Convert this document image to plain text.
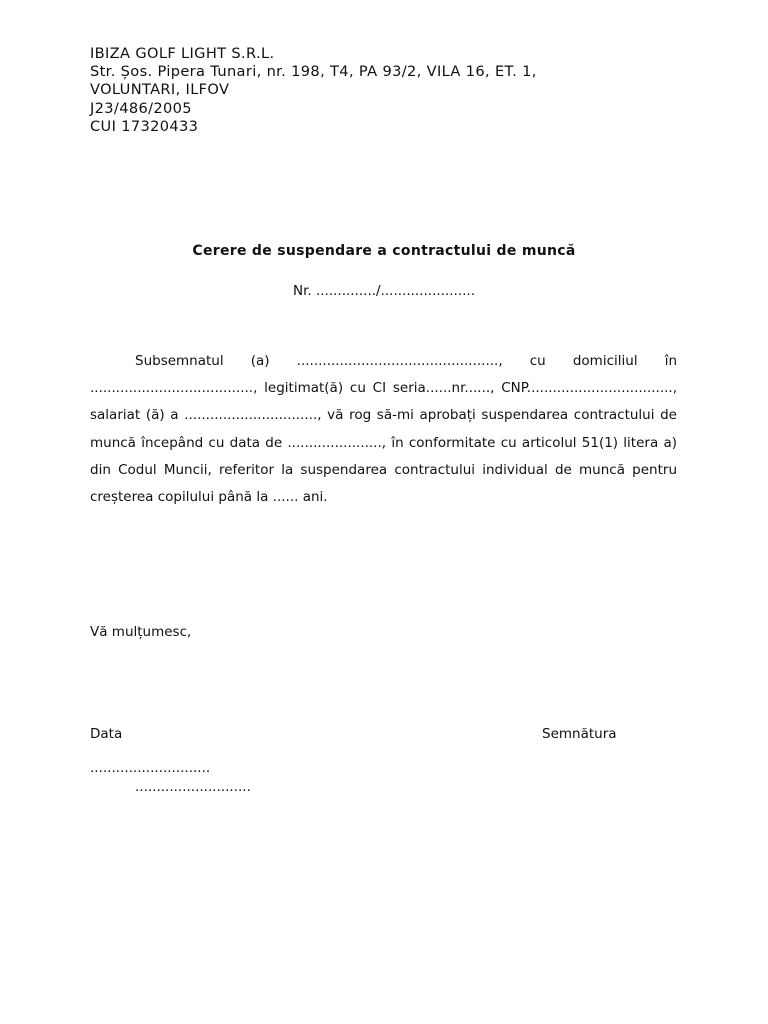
IBIZA GOLF LIGHT S.R.L.
Str. Șos. Pipera Tunari, nr. 198, T4, PA 93/2, VILA 16, ET. 1,
VOLUNTARI, ILFOV
J23/486/2005
CUI 17320433
Cerere de suspendare a contractului de muncă
Nr. ............../......................

Subsemnatul (a) ..............................................., cu domiciliul în ......................................, legitimat(ă) cu CI seria......nr......, CNP.................................., salariat (ă) a ..............................., vă rog să-mi aprobați suspendarea contractului de muncă începând cu data de ......................, în conformitate cu articolul 51(1) litera a) din Codul Muncii, referitor la suspendarea contractului individual de muncă pentru creșterea copilului până la ...... ani.

Vă mulțumesc,
Data	Semnătura
............................
...........................
